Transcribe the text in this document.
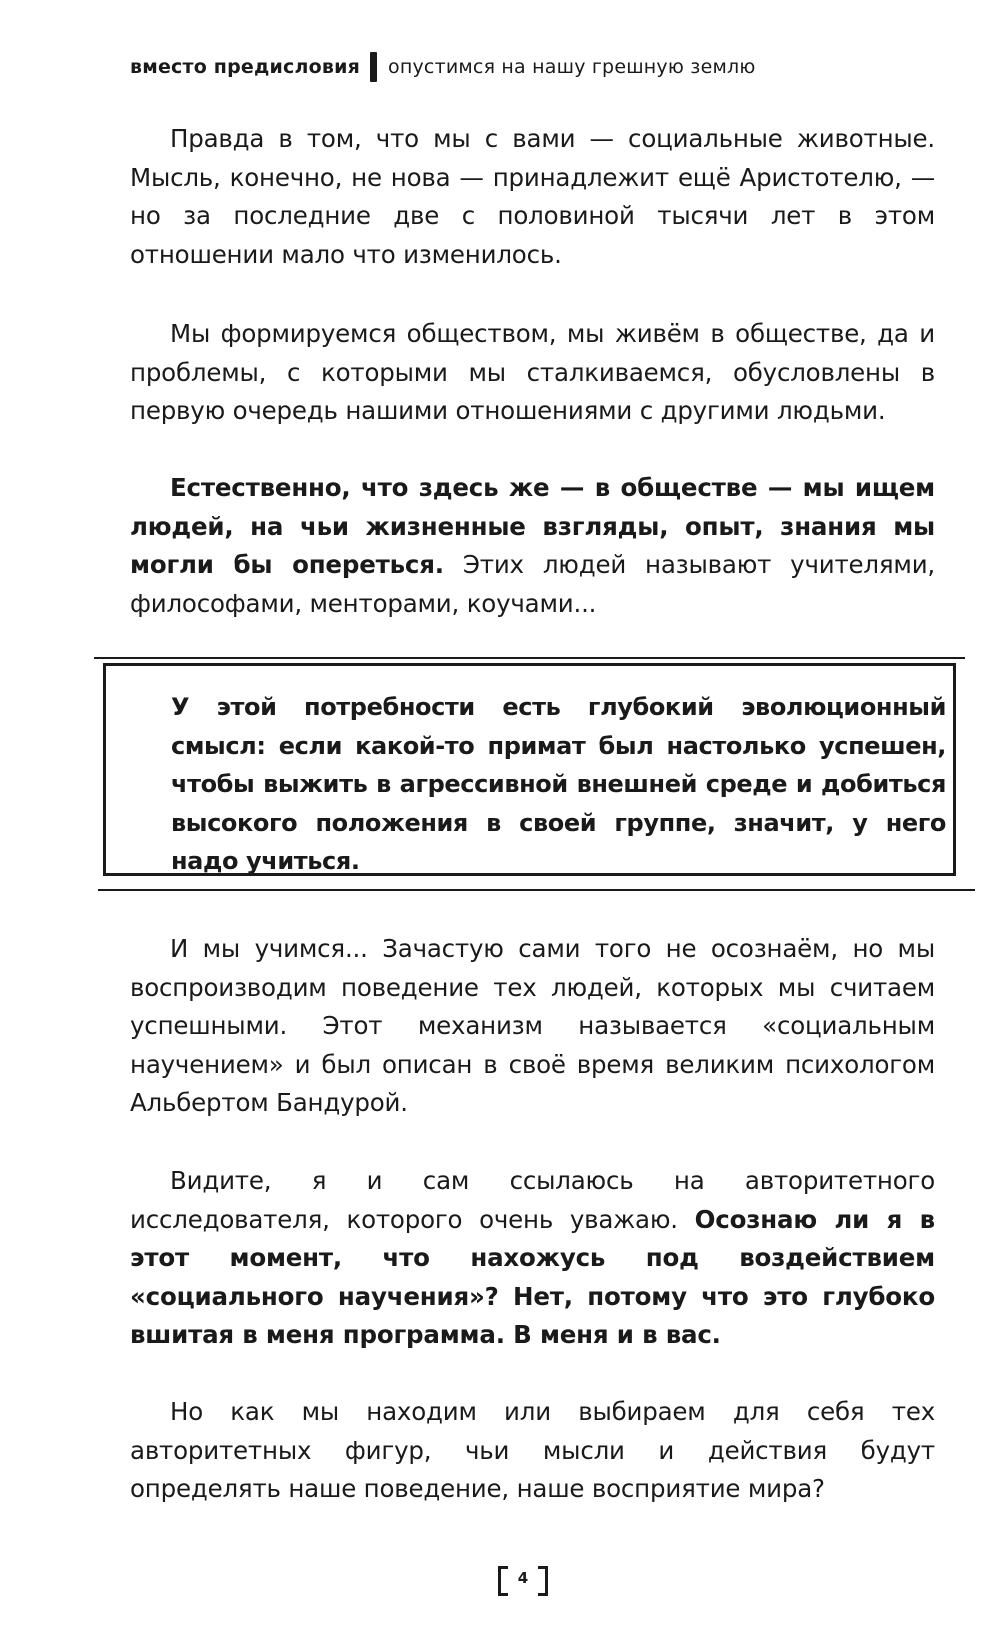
вместо предисловия опустимся на нашу грешную землю

Правда в том, что мы с вами — социальные животные. Мысль, конечно, не нова — принадлежит ещё Аристотелю, — но за последние две с половиной тысячи лет в этом отношении мало что изменилось.

Мы формируемся обществом, мы живём в обществе, да и проблемы, с которыми мы сталкиваемся, обусловлены в первую очередь нашими отношениями с другими людьми.

Естественно, что здесь же — в обществе — мы ищем людей, на чьи жизненные взгляды, опыт, знания мы могли бы опереться. Этих людей называют учителями, философами, менторами, коучами...

У этой потребности есть глубокий эволюционный смысл: если какой-то примат был настолько успешен, чтобы выжить в агрессивной внешней среде и добиться высокого положения в своей группе, значит, у него надо учиться.

И мы учимся... Зачастую сами того не осознаём, но мы воспроизводим поведение тех людей, которых мы считаем успешными. Этот механизм называется «социальным научением» и был описан в своё время великим психологом Альбертом Бандурой.

Видите, я и сам ссылаюсь на авторитетного исследователя, которого очень уважаю. Осознаю ли я в этот момент, что нахожусь под воздействием «социального научения»? Нет, потому что это глубоко вшитая в меня программа. В меня и в вас.

Но как мы находим или выбираем для себя тех авторитетных фигур, чьи мысли и действия будут определять наше поведение, наше восприятие мира?

4
